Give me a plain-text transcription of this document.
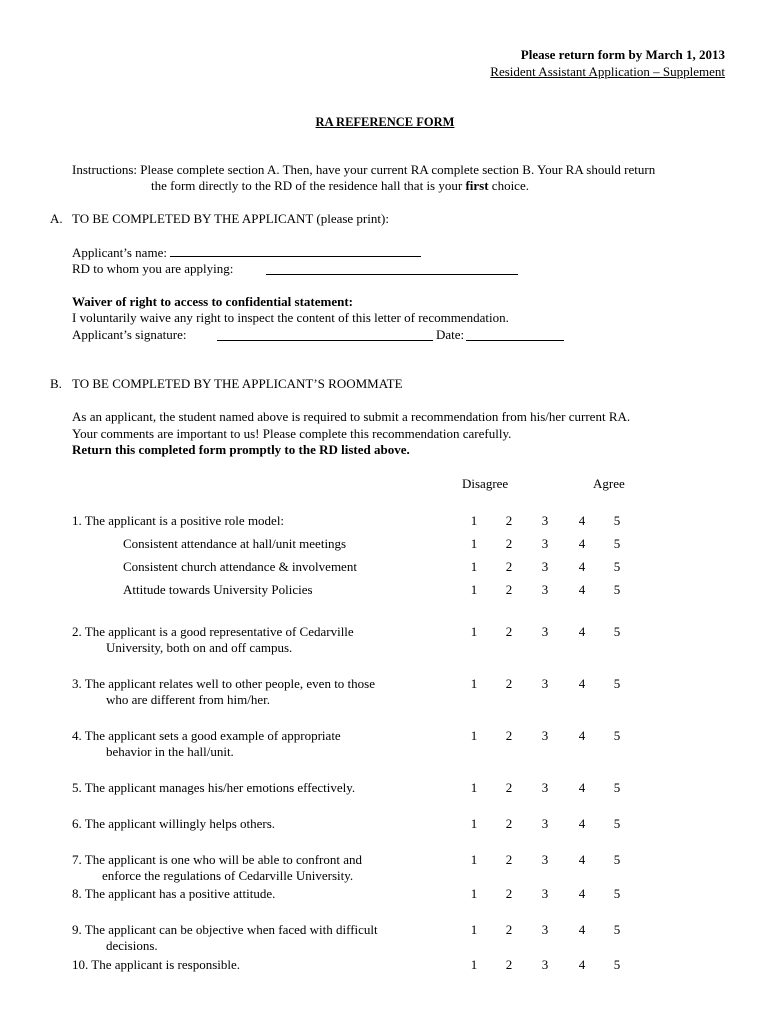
Please return form by March 1, 2013
Resident Assistant Application – Supplement
RA REFERENCE FORM
Instructions: Please complete section A. Then, have your current RA complete section B. Your RA should return
the form directly to the RD of the residence hall that is your first choice.
A. TO BE COMPLETED BY THE APPLICANT (please print):
Applicant’s name:
RD to whom you are applying:
Waiver of right to access to confidential statement:
I voluntarily waive any right to inspect the content of this letter of recommendation.
Applicant’s signature:	Date:
B. TO BE COMPLETED BY THE APPLICANT’S ROOMMATE
As an applicant, the student named above is required to submit a recommendation from his/her current RA.
Your comments are important to us! Please complete this recommendation carefully.
Return this completed form promptly to the RD listed above.
Disagree	Agree
1. The applicant is a positive role model:	1 2 3 4 5
Consistent attendance at hall/unit meetings	1 2 3 4 5
Consistent church attendance & involvement	1 2 3 4 5
Attitude towards University Policies	1 2 3 4 5
2. The applicant is a good representative of Cedarville
University, both on and off campus.
1 2 3 4 5
3. The applicant relates well to other people, even to those
who are different from him/her.
1 2 3 4 5
4. The applicant sets a good example of appropriate
behavior in the hall/unit.
1 2 3 4 5
5. The applicant manages his/her emotions effectively.	1 2 3 4 5
6. The applicant willingly helps others.	1 2 3 4 5
7. The applicant is one who will be able to confront and
enforce the regulations of Cedarville University.
1 2 3 4 5
8. The applicant has a positive attitude.	1 2 3 4 5
9. The applicant can be objective when faced with difficult
decisions.
1 2 3 4 5
10. The applicant is responsible.	1 2 3 4 5
